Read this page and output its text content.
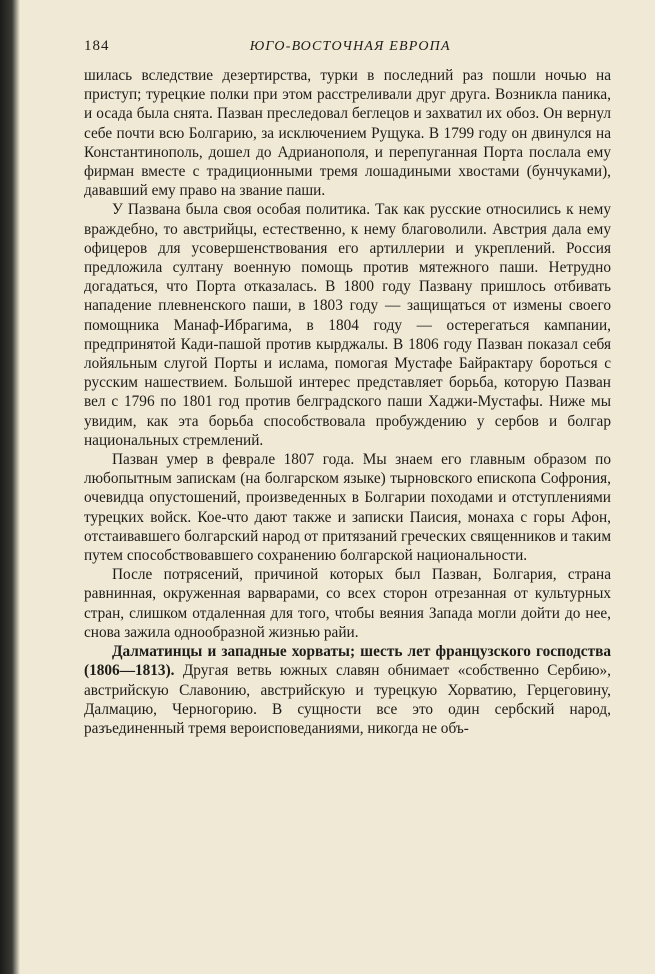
184	ЮГО-ВОСТОЧНАЯ ЕВРОПА

шилась вследствие дезертирства, турки в последний раз пошли ночью на приступ; турецкие полки при этом расстреливали друг друга. Возникла паника, и осада была снята. Пазван преследовал беглецов и захватил их обоз. Он вернул себе почти всю Болгарию, за исключением Рущука. В 1799 году он двинулся на Константинополь, дошел до Адрианополя, и перепуганная Порта послала ему фирман вместе с традиционными тремя лошадиными хвостами (бунчуками), дававший ему право на звание паши.

У Пазвана была своя особая политика. Так как русские относились к нему враждебно, то австрийцы, естественно, к нему благоволили. Австрия дала ему офицеров для усовершенствования его артиллерии и укреплений. Россия предложила султану военную помощь против мятежного паши. Нетрудно догадаться, что Порта отказалась. В 1800 году Пазвану пришлось отбивать нападение плевненского паши, в 1803 году — защищаться от измены своего помощника Манаф-Ибрагима, в 1804 году — остерегаться кампании, предпринятой Кади-пашой против кырджалы. В 1806 году Пазван показал себя лойяльным слугой Порты и ислама, помогая Мустафе Байрактару бороться с русским нашествием. Большой интерес представляет борьба, которую Пазван вел с 1796 по 1801 год против белградского паши Хаджи-Мустафы. Ниже мы увидим, как эта борьба способствовала пробуждению у сербов и болгар национальных стремлений.

Пазван умер в феврале 1807 года. Мы знаем его главным образом по любопытным запискам (на болгарском языке) тырновского епископа Софрония, очевидца опустошений, произведенных в Болгарии походами и отступлениями турецких войск. Кое-что дают также и записки Паисия, монаха с горы Афон, отстаивавшего болгарский народ от притязаний греческих священников и таким путем способствовавшего сохранению болгарской национальности.

После потрясений, причиной которых был Пазван, Болгария, страна равнинная, окруженная варварами, со всех сторон отрезанная от культурных стран, слишком отдаленная для того, чтобы веяния Запада могли дойти до нее, снова зажила однообразной жизнью райи.

Далматинцы и западные хорваты; шесть лет французского господства (1806—1813). Другая ветвь южных славян обнимает «собственно Сербию», австрийскую Славонию, австрийскую и турецкую Хорватию, Герцеговину, Далмацию, Черногорию. В сущности все это один сербский народ, разъединенный тремя вероисповеданиями, никогда не объ-
